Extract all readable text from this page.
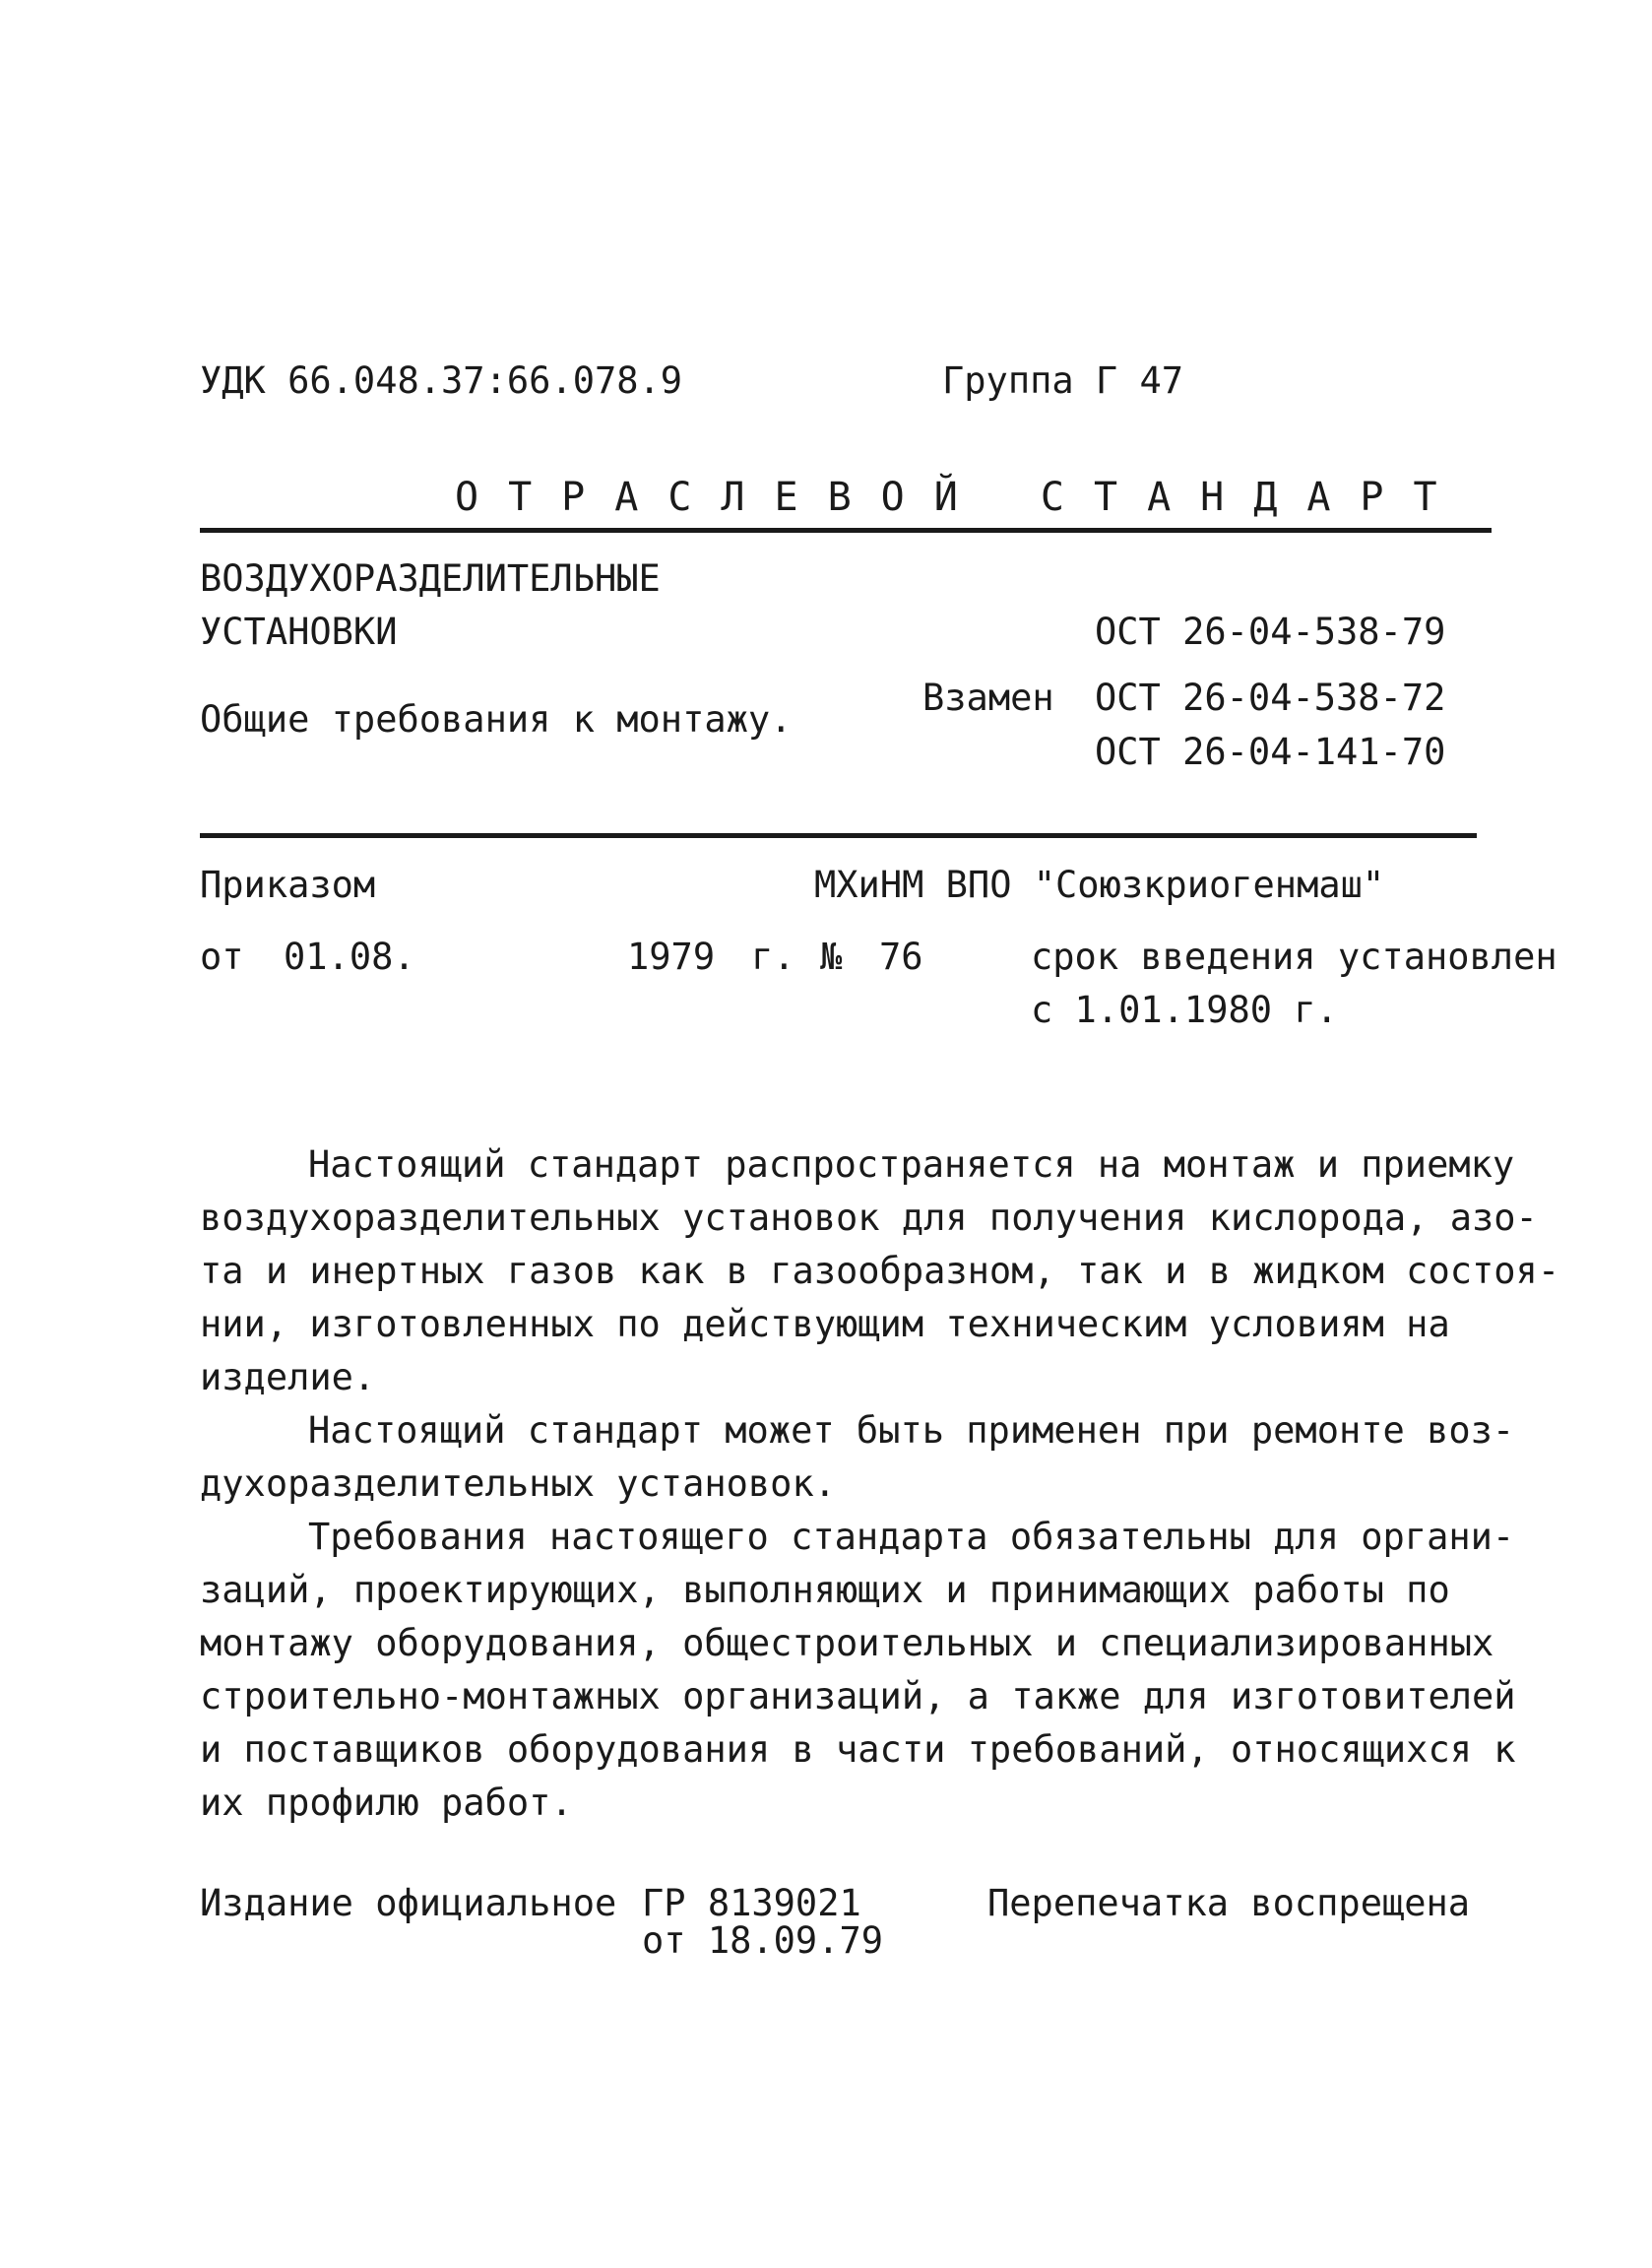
УДК 66.048.37:66.078.9	Группа Г 47
ОТРАСЛЕВОЙ СТАНДАРТ
ВОЗДУХОРАЗДЕЛИТЕЛЬНЫЕ
УСТАНОВКИ
Общие требования к монтажу.
ОСТ 26-04-538-79
Взамен ОСТ 26-04-538-72
ОСТ 26-04-141-70
Приказом	МХиНМ ВПО "Союзкриогенмаш"
от 01.08.	1979 г. № 76	срок введения установлен
с 1.01.1980 г.
Настоящий стандарт распространяется на монтаж и приемку
воздухоразделительных установок для получения кислорода, азо-
та и инертных газов как в газообразном, так и в жидком состоя-
нии, изготовленных по действующим техническим условиям на
изделие.
Настоящий стандарт может быть применен при ремонте воз-
духоразделительных установок.
Требования настоящего стандарта обязательны для органи-
заций, проектирующих, выполняющих и принимающих работы по
монтажу оборудования, общестроительных и специализированных
строительно-монтажных организаций, а также для изготовителей
и поставщиков оборудования в части требований, относящихся к
их профилю работ.
Издание официальное ГР 8139021
от 18.09.79
Перепечатка воспрещена
